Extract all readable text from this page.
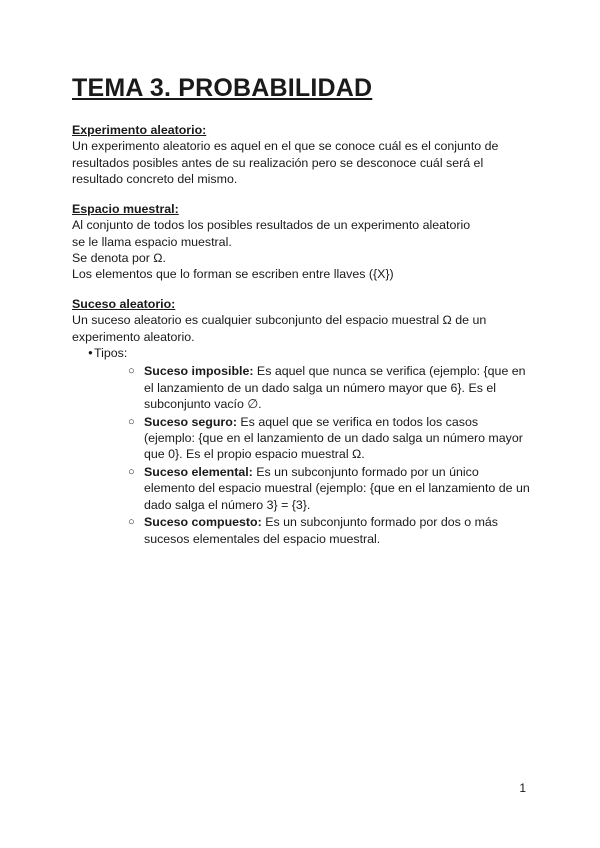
TEMA 3. PROBABILIDAD

Experimento aleatorio:

Un experimento aleatorio es aquel en el que se conoce cuál es el conjunto de resultados posibles antes de su realización pero se desconoce cuál será el resultado concreto del mismo.

Espacio muestral:

Al conjunto de todos los posibles resultados de un experimento aleatorio

se le llama espacio muestral.

Se denota por Ω.

Los elementos que lo forman se escriben entre llaves ({X})

Suceso aleatorio:

Un suceso aleatorio es cualquier subconjunto del espacio muestral Ω de un experimento aleatorio.

● Tipos:
○ Suceso imposible: Es aquel que nunca se verifica (ejemplo: {que en el lanzamiento de un dado salga un número mayor que 6}. Es el subconjunto vacío ∅.
○ Suceso seguro: Es aquel que se verifica en todos los casos (ejemplo: {que en el lanzamiento de un dado salga un número mayor que 0}. Es el propio espacio muestral Ω.
○ Suceso elemental: Es un subconjunto formado por un único elemento del espacio muestral (ejemplo: {que en el lanzamiento de un dado salga el número 3} = {3}.
○ Suceso compuesto: Es un subconjunto formado por dos o más sucesos elementales del espacio muestral.
1
